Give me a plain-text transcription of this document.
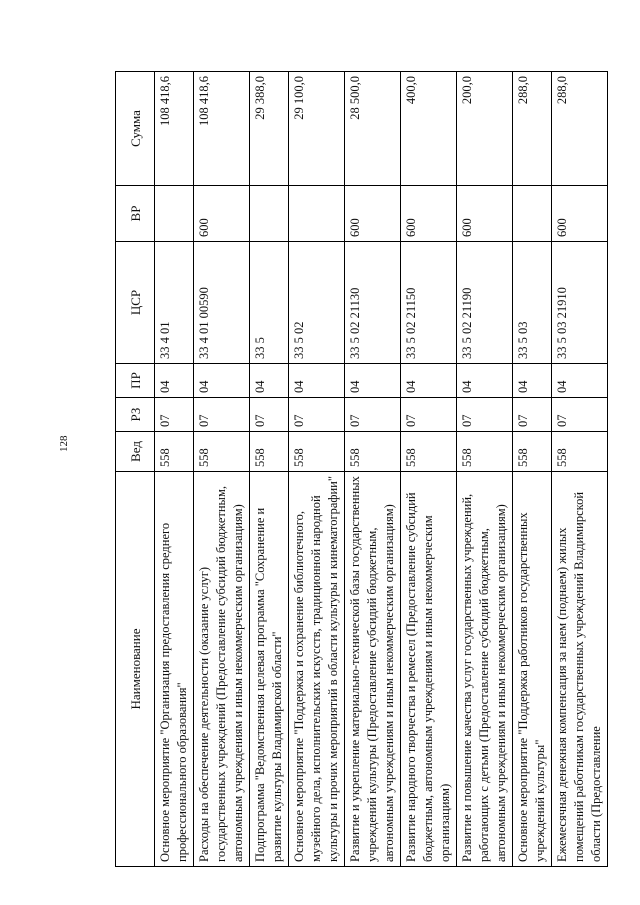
128
Наименование	Вед	РЗ	ПР	ЦСР	ВР	Сумма
Основное мероприятие "Организация предоставления среднего профессионального образования"	558	07	04	33 4 01		108 418,6
Расходы на обеспечение деятельности (оказание услуг) государственных учреждений (Предоставление субсидий бюджетным, автономным учреждениям и иным некоммерческим организациям)	558	07	04	33 4 01 00590	600	108 418,6
Подпрограмма "Ведомственная целевая программа "Сохранение и развитие культуры Владимирской области"	558	07	04	33 5		29 388,0
Основное мероприятие "Поддержка и сохранение библиотечного, музейного дела, исполнительских искусств, традиционной народной культуры и прочих мероприятий в области культуры и кинематографии"	558	07	04	33 5 02		29 100,0
Развитие и укрепление материально-технической базы государственных учреждений культуры (Предоставление субсидий бюджетным, автономным учреждениям и иным некоммерческим организациям)	558	07	04	33 5 02 21130	600	28 500,0
Развитие народного творчества и ремесел (Предоставление субсидий бюджетным, автономным учреждениям и иным некоммерческим организациям)	558	07	04	33 5 02 21150	600	400,0
Развитие и повышение качества услуг государственных учреждений, работающих с детьми (Предоставление субсидий бюджетным, автономным учреждениям и иным некоммерческим организациям)	558	07	04	33 5 02 21190	600	200,0
Основное мероприятие "Поддержка работников государственных учреждений культуры"	558	07	04	33 5 03		288,0
Ежемесячная денежная компенсация за наем (поднаем) жилых помещений работникам государственных учреждений Владимирской области (Предоставление	558	07	04	33 5 03 21910	600	288,0
